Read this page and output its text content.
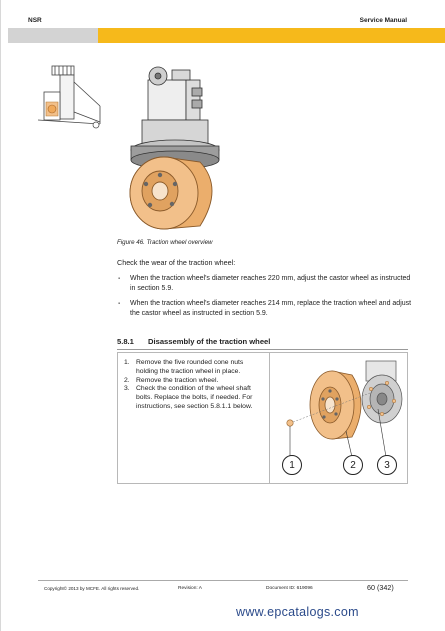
NSR	Service Manual
Figure 46. Traction wheel overview
Check the wear of the traction wheel:
▪ When the traction wheel's diameter reaches 220 mm, adjust the castor wheel as instructed in section 5.9.
▪ When the traction wheel's diameter reaches 214 mm, replace the traction wheel and adjust the castor wheel as instructed in section 5.9.
5.8.1 Disassembly of the traction wheel
1. Remove the five rounded cone nuts holding the traction wheel in place.
2. Remove the traction wheel.
3. Check the condition of the wheel shaft bolts. Replace the bolts, if needed. For instructions, see section 5.8.1.1 below.
1	2	3
Copyright© 2013 by MCFE. All rights reserved.	Revision: A	Document ID: 619096	60 (342)
www.epcatalogs.com
